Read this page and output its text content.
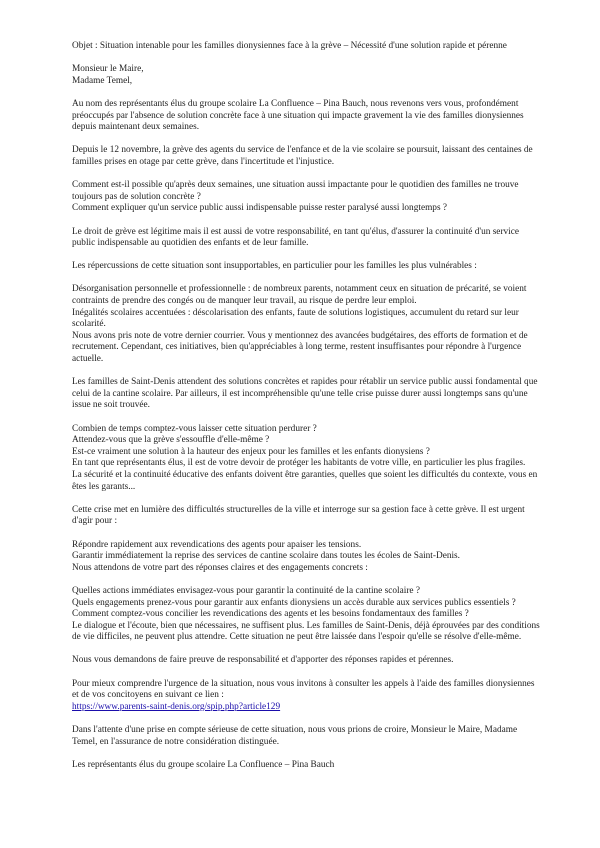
Objet : Situation intenable pour les familles dionysiennes face à la grève – Nécessité d'une solution rapide et pérenne

Monsieur le Maire,
Madame Temel,

Au nom des représentants élus du groupe scolaire La Confluence – Pina Bauch, nous revenons vers vous, profondément préoccupés par l'absence de solution concrète face à une situation qui impacte gravement la vie des familles dionysiennes depuis maintenant deux semaines.

Depuis le 12 novembre, la grève des agents du service de l'enfance et de la vie scolaire se poursuit, laissant des centaines de familles prises en otage par cette grève, dans l'incertitude et l'injustice.

Comment est-il possible qu'après deux semaines, une situation aussi impactante pour le quotidien des familles ne trouve toujours pas de solution concrète ?
Comment expliquer qu'un service public aussi indispensable puisse rester paralysé aussi longtemps ?

Le droit de grève est légitime mais il est aussi de votre responsabilité, en tant qu'élus, d'assurer la continuité d'un service public indispensable au quotidien des enfants et de leur famille.

Les répercussions de cette situation sont insupportables, en particulier pour les familles les plus vulnérables :

Désorganisation personnelle et professionnelle : de nombreux parents, notamment ceux en situation de précarité, se voient contraints de prendre des congés ou de manquer leur travail, au risque de perdre leur emploi.
Inégalités scolaires accentuées : déscolarisation des enfants, faute de solutions logistiques, accumulent du retard sur leur scolarité.
Nous avons pris note de votre dernier courrier. Vous y mentionnez des avancées budgétaires, des efforts de formation et de recrutement. Cependant, ces initiatives, bien qu'appréciables à long terme, restent insuffisantes pour répondre à l'urgence actuelle.

Les familles de Saint-Denis attendent des solutions concrètes et rapides pour rétablir un service public aussi fondamental que celui de la cantine scolaire. Par ailleurs, il est incompréhensible qu'une telle crise puisse durer aussi longtemps sans qu'une issue ne soit trouvée.

Combien de temps comptez-vous laisser cette situation perdurer ?
Attendez-vous que la grève s'essouffle d'elle-même ?
Est-ce vraiment une solution à la hauteur des enjeux pour les familles et les enfants dionysiens ?
En tant que représentants élus, il est de votre devoir de protéger les habitants de votre ville, en particulier les plus fragiles.
La sécurité et la continuité éducative des enfants doivent être garanties, quelles que soient les difficultés du contexte, vous en êtes les garants...

Cette crise met en lumière des difficultés structurelles de la ville et interroge sur sa gestion face à cette grève. Il est urgent d'agir pour :

Répondre rapidement aux revendications des agents pour apaiser les tensions.
Garantir immédiatement la reprise des services de cantine scolaire dans toutes les écoles de Saint-Denis.
Nous attendons de votre part des réponses claires et des engagements concrets :

Quelles actions immédiates envisagez-vous pour garantir la continuité de la cantine scolaire ?
Quels engagements prenez-vous pour garantir aux enfants dionysiens un accès durable aux services publics essentiels ?
Comment comptez-vous concilier les revendications des agents et les besoins fondamentaux des familles ?
Le dialogue et l'écoute, bien que nécessaires, ne suffisent plus. Les familles de Saint-Denis, déjà éprouvées par des conditions de vie difficiles, ne peuvent plus attendre. Cette situation ne peut être laissée dans l'espoir qu'elle se résolve d'elle-même.

Nous vous demandons de faire preuve de responsabilité et d'apporter des réponses rapides et pérennes.

Pour mieux comprendre l'urgence de la situation, nous vous invitons à consulter les appels à l'aide des familles dionysiennes et de vos concitoyens en suivant ce lien :
https://www.parents-saint-denis.org/spip.php?article129

Dans l'attente d'une prise en compte sérieuse de cette situation, nous vous prions de croire, Monsieur le Maire, Madame Temel, en l'assurance de notre considération distinguée.

Les représentants élus du groupe scolaire La Confluence – Pina Bauch
